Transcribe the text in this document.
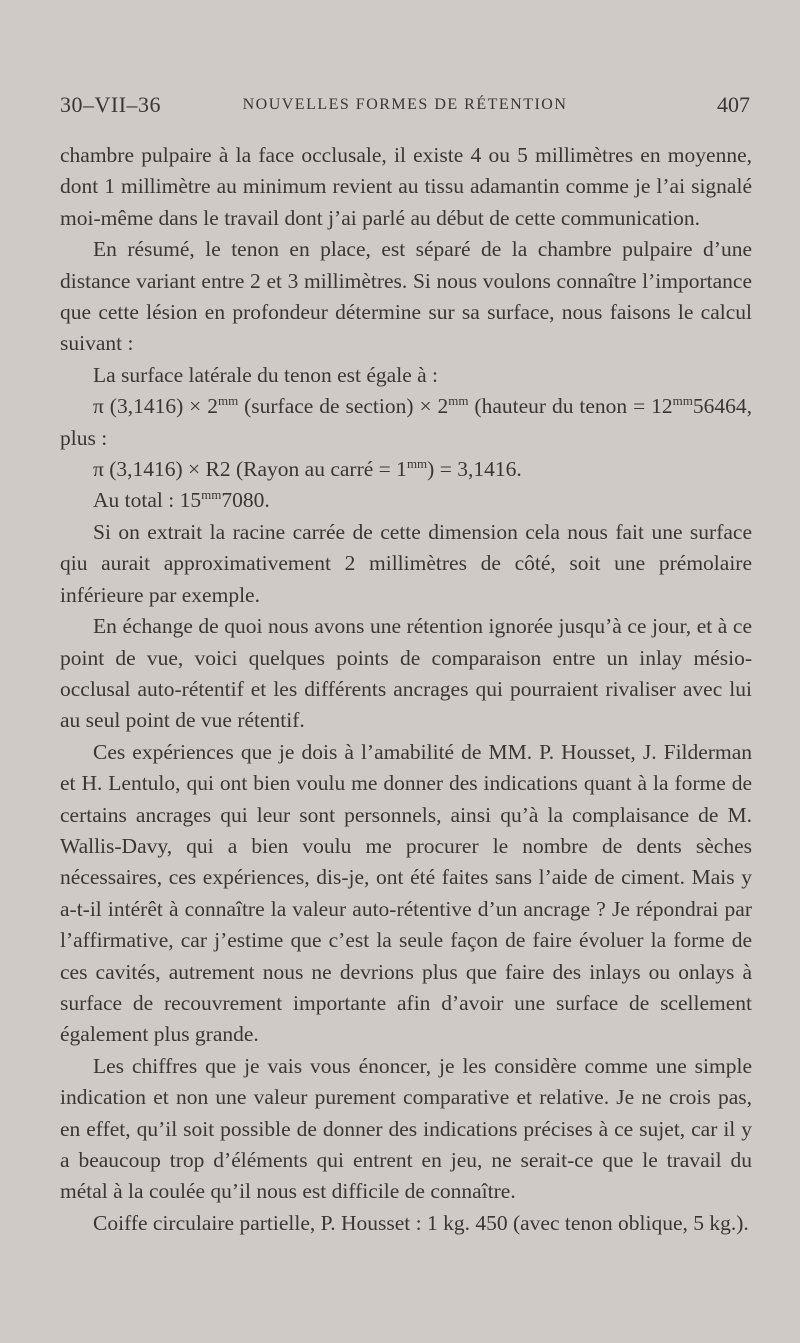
30–VII–36	NOUVELLES FORMES DE RÉTENTION	407

chambre pulpaire à la face occlusale, il existe 4 ou 5 millimètres en moyenne, dont 1 millimètre au minimum revient au tissu adamantin comme je l’ai signalé moi-même dans le travail dont j’ai parlé au début de cette communication.

En résumé, le tenon en place, est séparé de la chambre pulpaire d’une distance variant entre 2 et 3 millimètres. Si nous voulons connaître l’importance que cette lésion en profondeur détermine sur sa surface, nous faisons le calcul suivant :

La surface latérale du tenon est égale à :

π $(3,1416) \times 2^{mm}$ (surface de section) × $2^{mm}$ (hauteur du tenon = $12^{mm}56464$, plus :

π (3,1416) × R2 (Rayon au carré = $1^{mm}) = 3,1416$.

Au total : $15^{mm}7080$.

Si on extrait la racine carrée de cette dimension cela nous fait une surface qiu aurait approximativement 2 millimètres de côté, soit une prémolaire inférieure par exemple.

En échange de quoi nous avons une rétention ignorée jusqu’à ce jour, et à ce point de vue, voici quelques points de comparaison entre un inlay mésio-occlusal auto-rétentif et les différents ancrages qui pourraient rivaliser avec lui au seul point de vue rétentif.

Ces expériences que je dois à l’amabilité de MM. P. Housset, J. Filderman et H. Lentulo, qui ont bien voulu me donner des indications quant à la forme de certains ancrages qui leur sont personnels, ainsi qu’à la complaisance de M. Wallis-Davy, qui a bien voulu me procurer le nombre de dents sèches nécessaires, ces expériences, dis-je, ont été faites sans l’aide de ciment. Mais y a-t-il intérêt à connaître la valeur auto-rétentive d’un ancrage ? Je répondrai par l’affirmative, car j’estime que c’est la seule façon de faire évoluer la forme de ces cavités, autrement nous ne devrions plus que faire des inlays ou onlays à surface de recouvrement importante afin d’avoir une surface de scellement également plus grande.

Les chiffres que je vais vous énoncer, je les considère comme une simple indication et non une valeur purement comparative et relative. Je ne crois pas, en effet, qu’il soit possible de donner des indications précises à ce sujet, car il y a beaucoup trop d’éléments qui entrent en jeu, ne serait-ce que le travail du métal à la coulée qu’il nous est difficile de connaître.

Coiffe circulaire partielle, P. Housset : 1 kg. 450 (avec tenon oblique, 5 kg.).
